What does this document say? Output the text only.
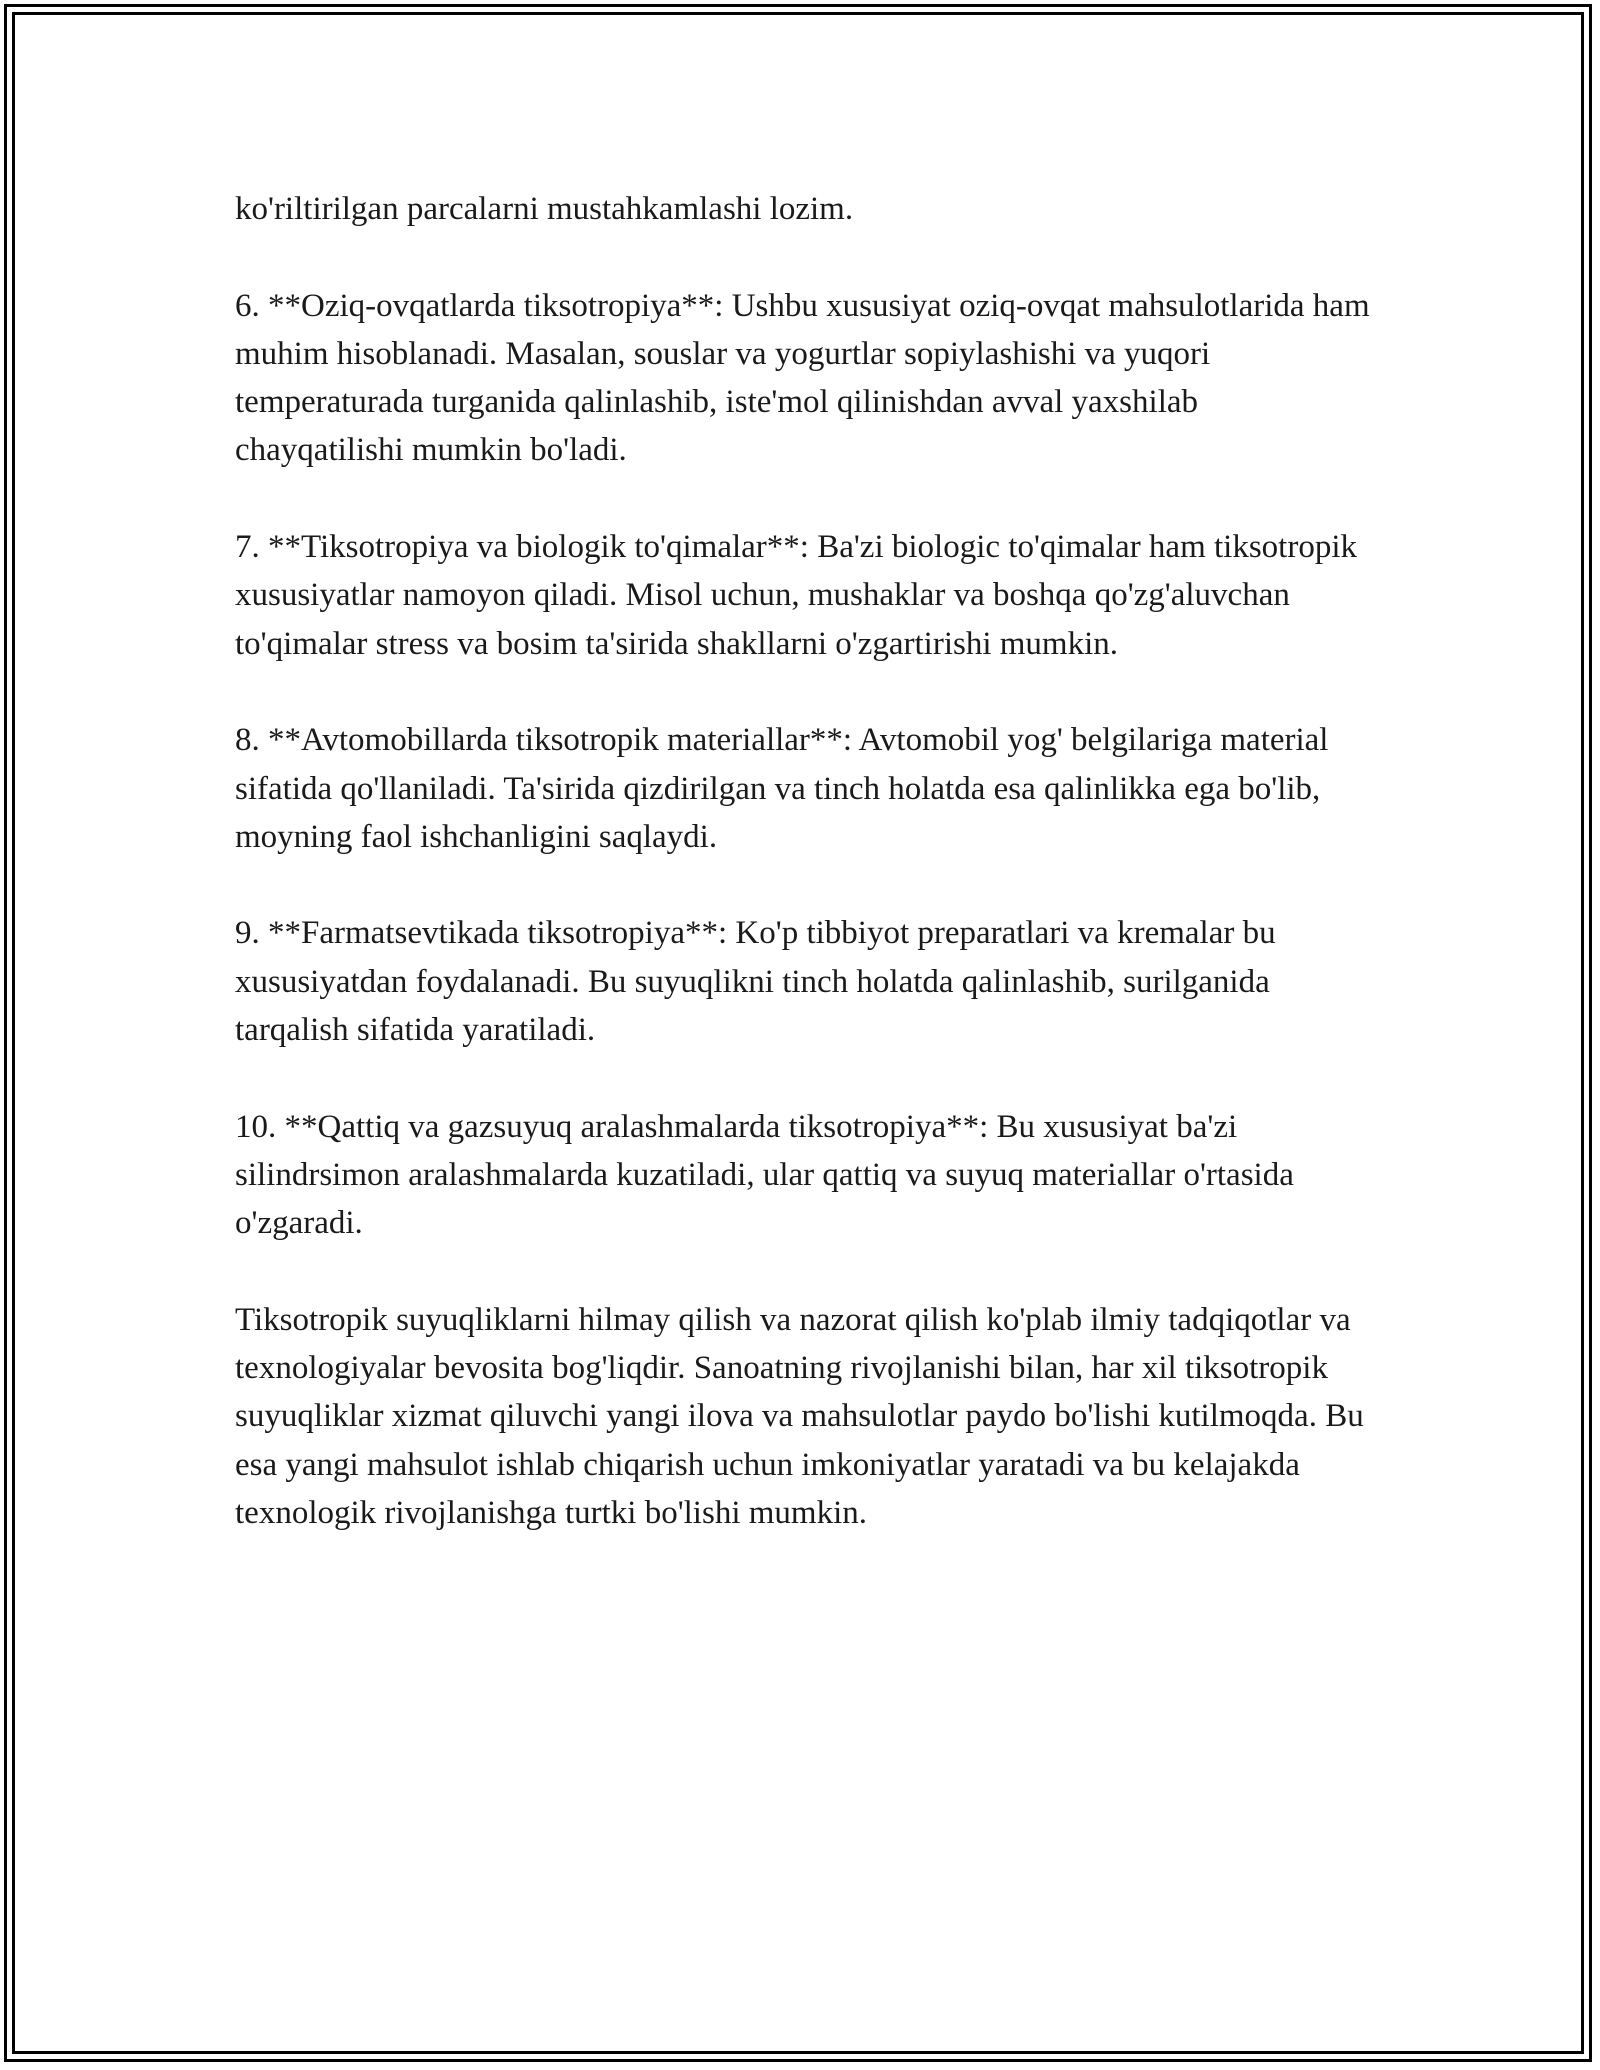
ko'riltirilgan parcalarni mustahkamlashi lozim.

6. **Oziq-ovqatlarda tiksotropiya**: Ushbu xususiyat oziq-ovqat mahsulotlarida ham muhim hisoblanadi. Masalan, souslar va yogurtlar sopiylashishi va yuqori temperaturada turganida qalinlashib, iste'mol qilinishdan avval yaxshilab chayqatilishi mumkin bo'ladi.

7. **Tiksotropiya va biologik to'qimalar**: Ba'zi biologic to'qimalar ham tiksotropik xususiyatlar namoyon qiladi. Misol uchun, mushaklar va boshqa qo'zg'aluvchan to'qimalar stress va bosim ta'sirida shakllarni o'zgartirishi mumkin.

8. **Avtomobillarda tiksotropik materiallar**: Avtomobil yog' belgilariga material sifatida qo'llaniladi. Ta'sirida qizdirilgan va tinch holatda esa qalinlikka ega bo'lib, moyning faol ishchanligini saqlaydi.

9. **Farmatsevtikada tiksotropiya**: Ko'p tibbiyot preparatlari va kremalar bu xususiyatdan foydalanadi. Bu suyuqlikni tinch holatda qalinlashib, surilganida tarqalish sifatida yaratiladi.

10. **Qattiq va gazsuyuq aralashmalarda tiksotropiya**: Bu xususiyat ba'zi silindrsimon aralashmalarda kuzatiladi, ular qattiq va suyuq materiallar o'rtasida o'zgaradi.

Tiksotropik suyuqliklarni hilmay qilish va nazorat qilish ko'plab ilmiy tadqiqotlar va texnologiyalar bevosita bog'liqdir. Sanoatning rivojlanishi bilan, har xil tiksotropik suyuqliklar xizmat qiluvchi yangi ilova va mahsulotlar paydo bo'lishi kutilmoqda. Bu esa yangi mahsulot ishlab chiqarish uchun imkoniyatlar yaratadi va bu kelajakda texnologik rivojlanishga turtki bo'lishi mumkin.
